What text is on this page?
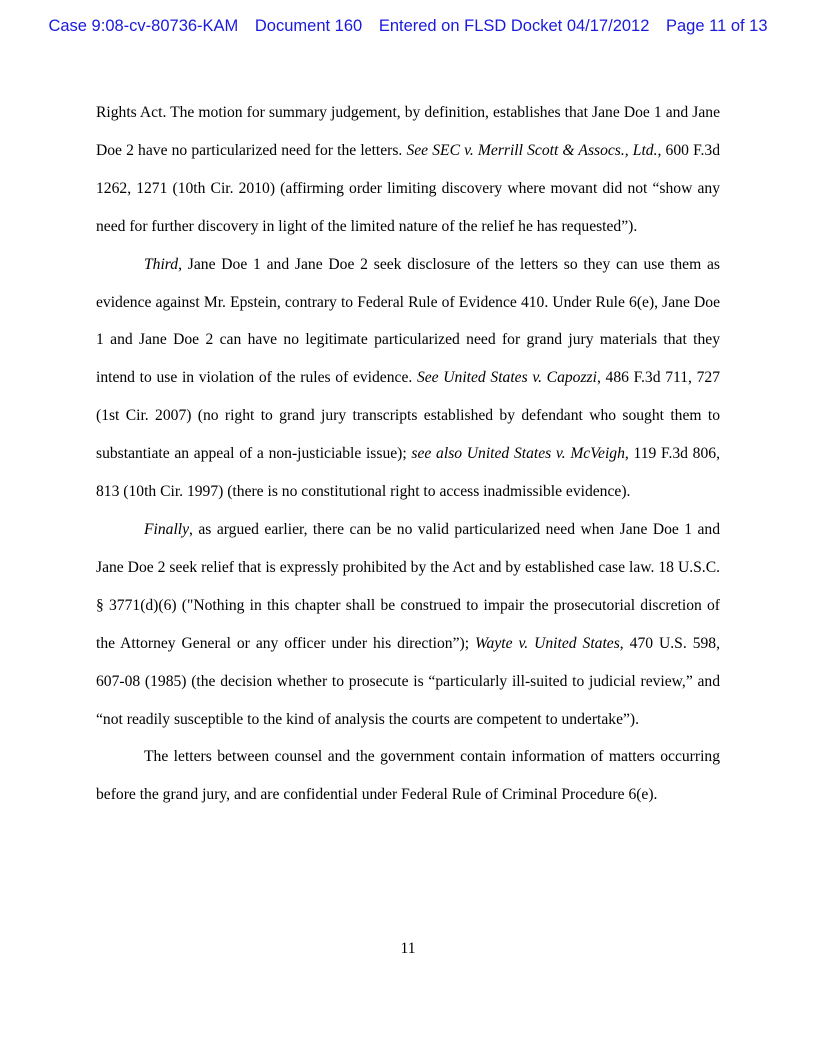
Case 9:08-cv-80736-KAM Document 160 Entered on FLSD Docket 04/17/2012 Page 11 of 13

Rights Act. The motion for summary judgement, by definition, establishes that Jane Doe 1 and Jane Doe 2 have no particularized need for the letters. See SEC v. Merrill Scott & Assocs., Ltd., 600 F.3d 1262, 1271 (10th Cir. 2010) (affirming order limiting discovery where movant did not “show any need for further discovery in light of the limited nature of the relief he has requested”).

Third, Jane Doe 1 and Jane Doe 2 seek disclosure of the letters so they can use them as evidence against Mr. Epstein, contrary to Federal Rule of Evidence 410. Under Rule 6(e), Jane Doe 1 and Jane Doe 2 can have no legitimate particularized need for grand jury materials that they intend to use in violation of the rules of evidence. See United States v. Capozzi, 486 F.3d 711, 727 (1st Cir. 2007) (no right to grand jury transcripts established by defendant who sought them to substantiate an appeal of a non-justiciable issue); see also United States v. McVeigh, 119 F.3d 806, 813 (10th Cir. 1997) (there is no constitutional right to access inadmissible evidence).

Finally, as argued earlier, there can be no valid particularized need when Jane Doe 1 and Jane Doe 2 seek relief that is expressly prohibited by the Act and by established case law. 18 U.S.C. § 3771(d)(6) ("Nothing in this chapter shall be construed to impair the prosecutorial discretion of the Attorney General or any officer under his direction”); Wayte v. United States, 470 U.S. 598, 607-08 (1985) (the decision whether to prosecute is “particularly ill-suited to judicial review,” and “not readily susceptible to the kind of analysis the courts are competent to undertake”).

The letters between counsel and the government contain information of matters occurring before the grand jury, and are confidential under Federal Rule of Criminal Procedure 6(e).

11
